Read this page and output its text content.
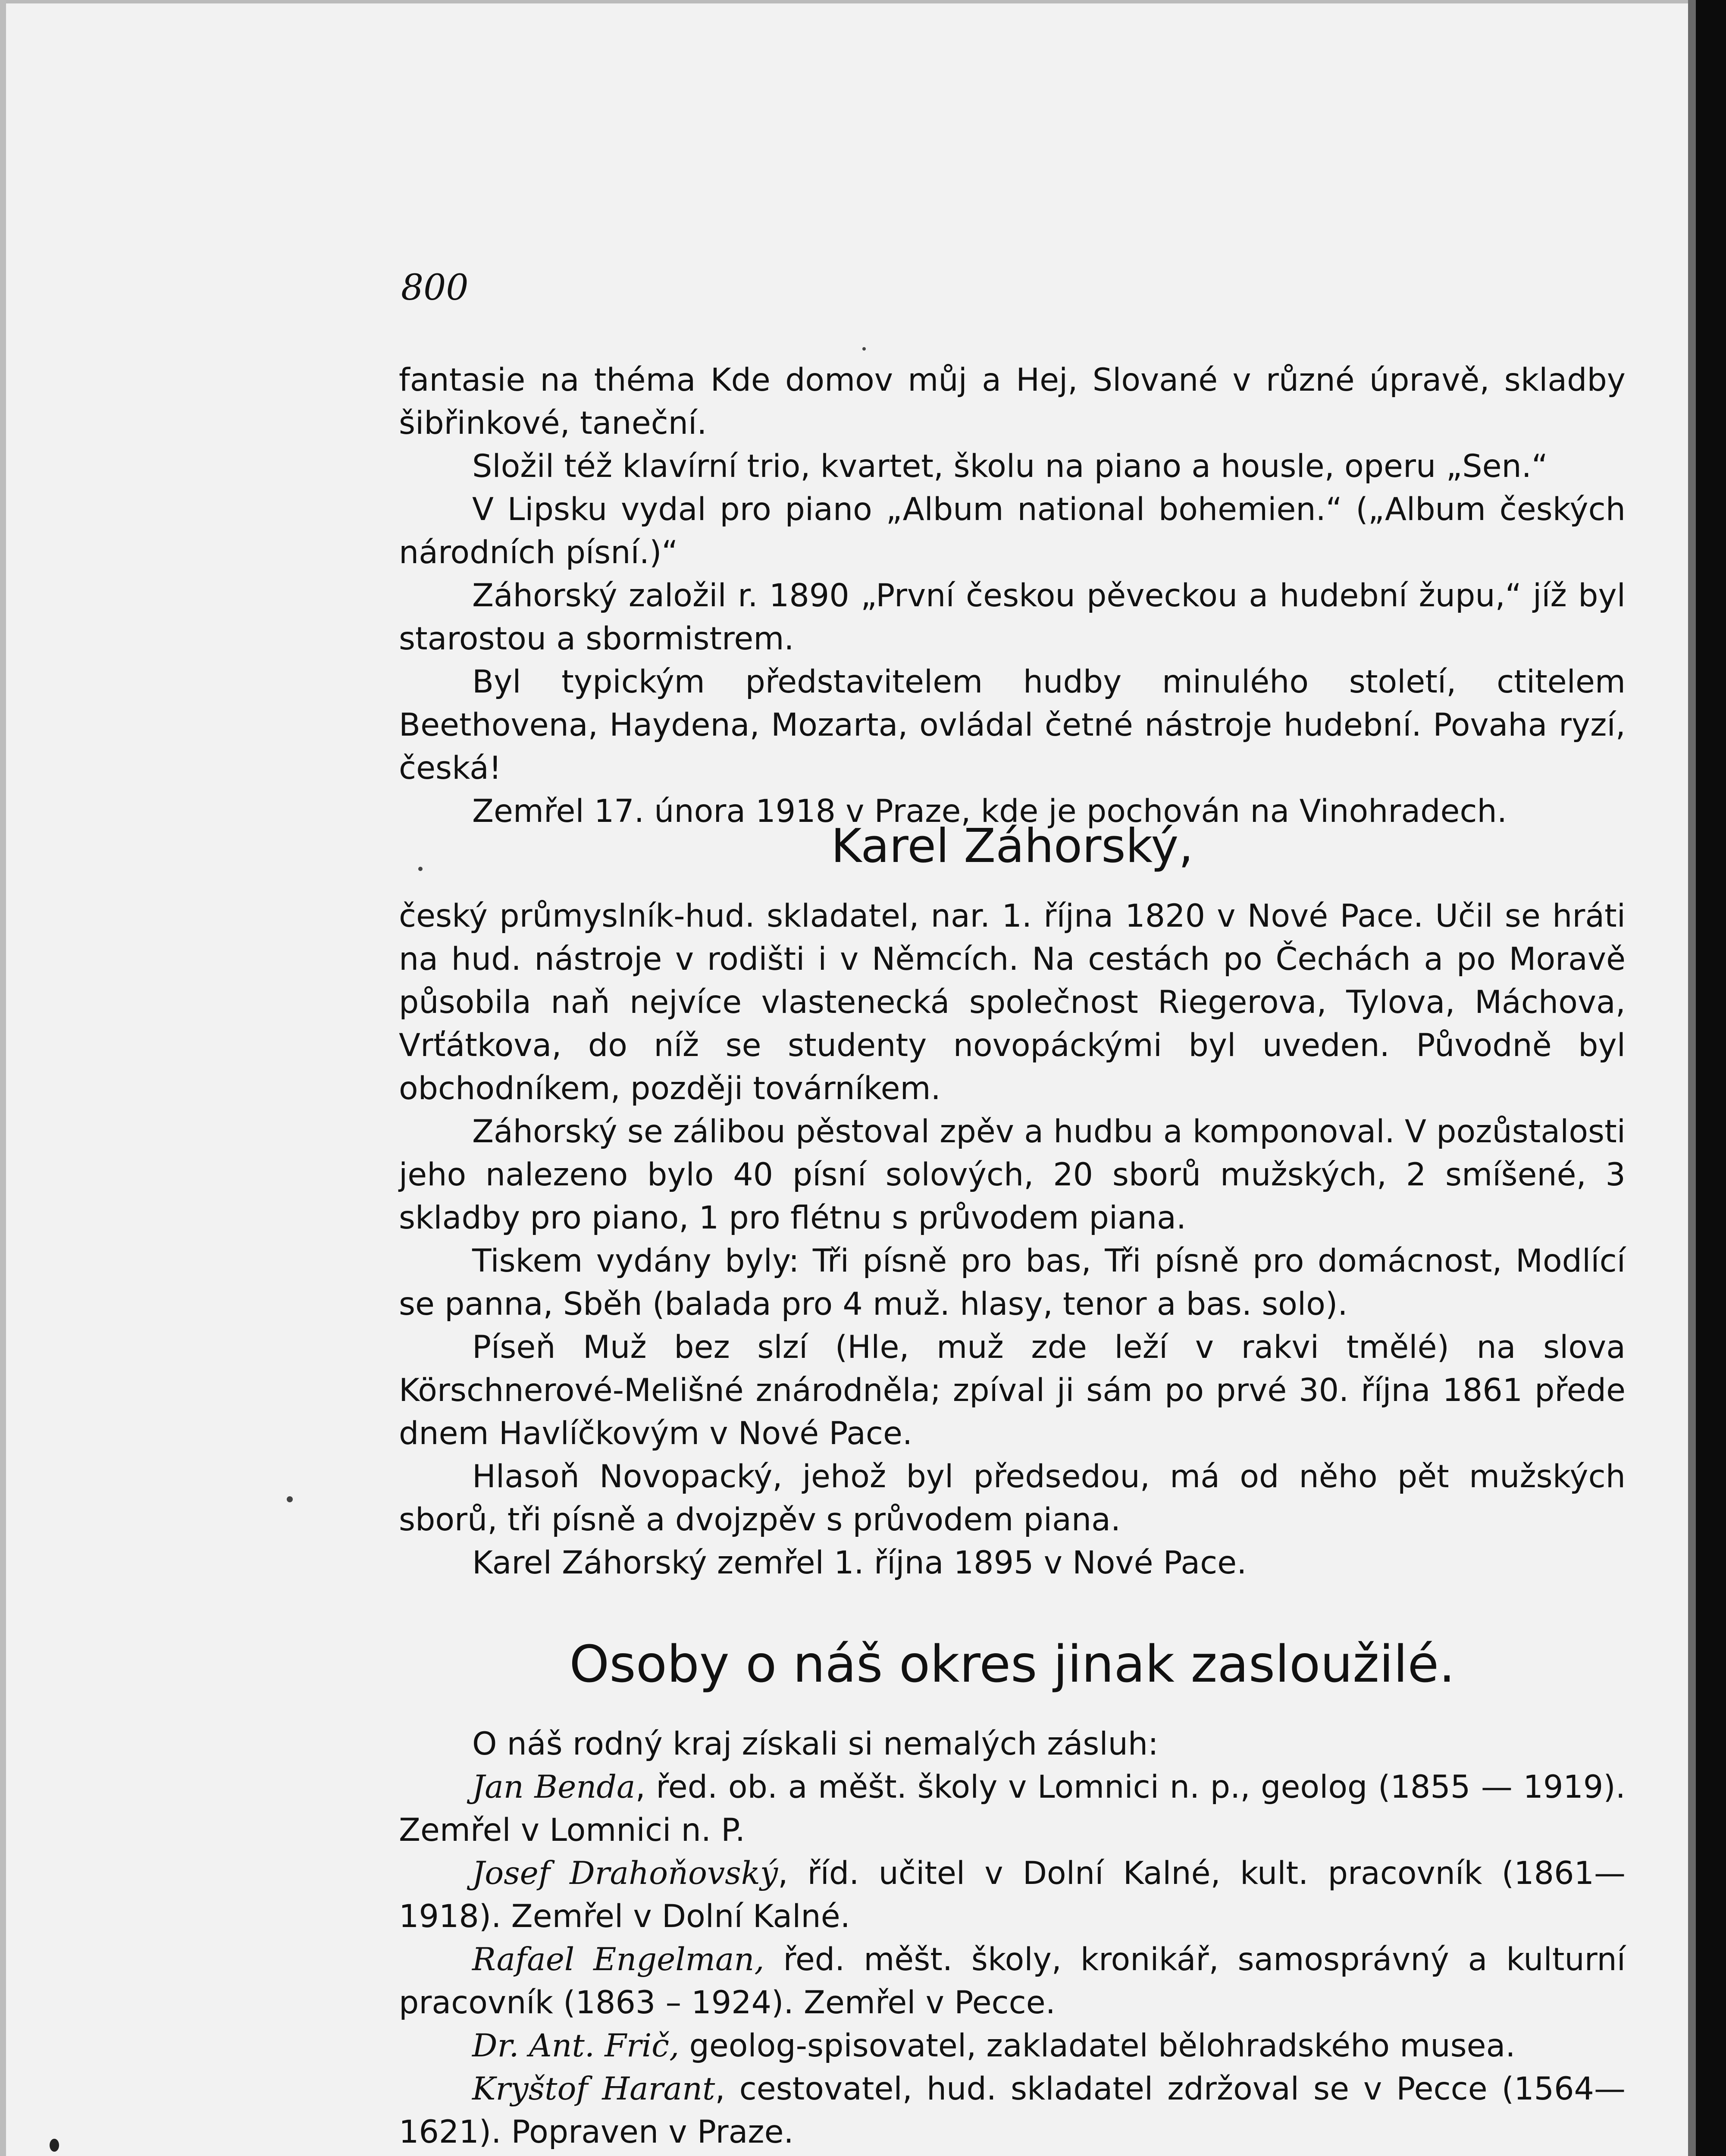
800

fantasie na théma Kde domov můj a Hej, Slované v různé úpravě, skladby šibřinkové, taneční.

Složil též klavírní trio, kvartet, školu na piano a housle, operu „Sen.“

V Lipsku vydal pro piano „Album national bohemien.“ („Album českých národních písní.)“

Záhorský založil r. 1890 „První českou pěveckou a hudební župu,“ jíž byl starostou a sbormistrem.

Byl typickým představitelem hudby minulého století, ctitelem Beethovena, Haydena, Mozarta, ovládal četné nástroje hudební. Povaha ryzí, česká!

Zemřel 17. února 1918 v Praze, kde je pochován na Vinohradech.

Karel Záhorský,

český průmyslník-hud. skladatel, nar. 1. října 1820 v Nové Pace. Učil se hráti na hud. nástroje v rodišti i v Němcích. Na cestách po Čechách a po Moravě působila naň nejvíce vlastenecká společnost Riegerova, Tylova, Máchova, Vrťátkova, do níž se studenty novopáckými byl uveden. Původně byl obchodníkem, později továrníkem.

Záhorský se zálibou pěstoval zpěv a hudbu a komponoval. V pozůstalosti jeho nalezeno bylo 40 písní solových, 20 sborů mužských, 2 smíšené, 3 skladby pro piano, 1 pro flétnu s průvodem piana.

Tiskem vydány byly: Tři písně pro bas, Tři písně pro domácnost, Modlící se panna, Sběh (balada pro 4 muž. hlasy, tenor a bas. solo).

Píseň Muž bez slzí (Hle, muž zde leží v rakvi tmělé) na slova Körschnerové-Melišné znárodněla; zpíval ji sám po prvé 30. října 1861 přede dnem Havlíčkovým v Nové Pace.

Hlasoň Novopacký, jehož byl předsedou, má od něho pět mužských sborů, tři písně a dvojzpěv s průvodem piana.

Karel Záhorský zemřel 1. října 1895 v Nové Pace.

Osoby o náš okres jinak zasloužilé.

O náš rodný kraj získali si nemalých zásluh:

Jan Benda, řed. ob. a měšt. školy v Lomnici n. p., geolog (1855 — 1919). Zemřel v Lomnici n. P.

Josef Drahoňovský, říd. učitel v Dolní Kalné, kult. pracovník (1861—1918). Zemřel v Dolní Kalné.

Rafael Engelman, řed. měšt. školy, kronikář, samosprávný a kulturní pracovník (1863 – 1924). Zemřel v Pecce.

Dr. Ant. Frič, geolog-spisovatel, zakladatel bělohradského musea.

Kryštof Harant, cestovatel, hud. skladatel zdržoval se v Pecce (1564—1621). Popraven v Praze.
